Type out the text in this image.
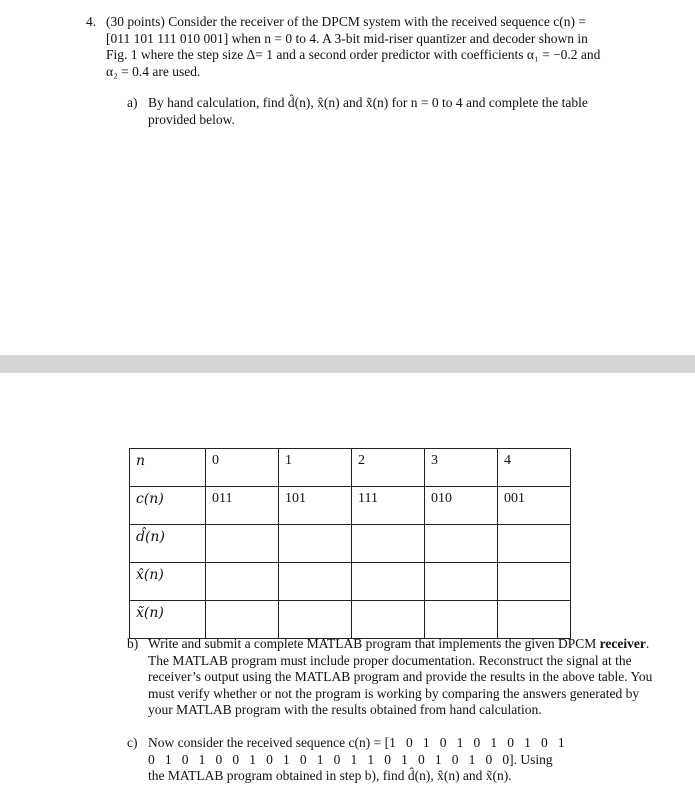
4. (30 points) Consider the receiver of the DPCM system with the received sequence c(n) =
[011 101 111 010 001] when n = 0 to 4. A 3-bit mid-riser quantizer and decoder shown in
Fig. 1 where the step size Δ= 1 and a second order predictor with coefficients α₁ = −0.2 and
α₂ = 0.4 are used.
a) By hand calculation, find d̂(n), x̂(n) and x̃(n) for n = 0 to 4 and complete the table
provided below.
n	0	1	2	3	4
c(n)	011	101	111	010	001
d̂(n)					
x̂(n)					
x̃(n)					
b) Write and submit a complete MATLAB program that implements the given DPCM receiver. The MATLAB program must include proper documentation. Reconstruct the signal at the receiver’s output using the MATLAB program and provide the results in the above table. You must verify whether or not the program is working by comparing the answers generated by your MATLAB program with the results obtained from hand calculation.
c) Now consider the received sequence c(n) = [1   0   1   0   1   0   1   0   1   0   1
0   1   0   1   0   0   1   0   1   0   1   0   1   1   0   1   0   1   0   1   0   0]. Using
the MATLAB program obtained in step b), find d̂(n), x̂(n) and x̃(n).
